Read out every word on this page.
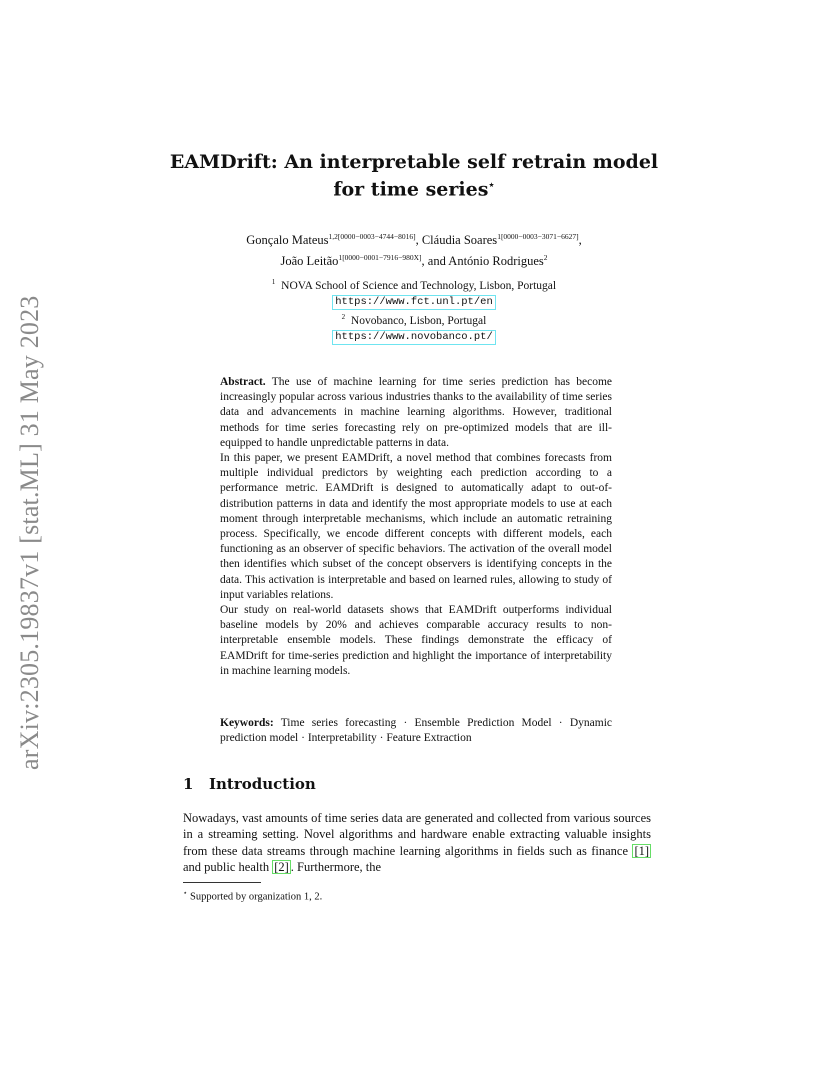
arXiv:2305.19837v1 [stat.ML] 31 May 2023
EAMDrift: An interpretable self retrain model
for time series⋆
Gonçalo Mateus$^{1,2[0000-0003-4744-8016]}$, Cláudia Soares$^{1[0000-0003-3071-6627]}$,
João Leitão$^{1[0000-0001-7916-980X]}$, and António Rodrigues$^2$
$^1$ NOVA School of Science and Technology, Lisbon, Portugal
https://www.fct.unl.pt/en
$^2$ Novobanco, Lisbon, Portugal
https://www.novobanco.pt/

Abstract. The use of machine learning for time series prediction has become increasingly popular across various industries thanks to the availability of time series data and advancements in machine learning algorithms. However, traditional methods for time series forecasting rely on pre-optimized models that are ill-equipped to handle unpredictable patterns in data.

In this paper, we present EAMDrift, a novel method that combines forecasts from multiple individual predictors by weighting each prediction according to a performance metric. EAMDrift is designed to automatically adapt to out-of-distribution patterns in data and identify the most appropriate models to use at each moment through interpretable mechanisms, which include an automatic retraining process. Specifically, we encode different concepts with different models, each functioning as an observer of specific behaviors. The activation of the overall model then identifies which subset of the concept observers is identifying concepts in the data. This activation is interpretable and based on learned rules, allowing to study of input variables relations.

Our study on real-world datasets shows that EAMDrift outperforms individual baseline models by 20% and achieves comparable accuracy results to non-interpretable ensemble models. These findings demonstrate the efficacy of EAMDrift for time-series prediction and highlight the importance of interpretability in machine learning models.

Keywords: Time series forecasting · Ensemble Prediction Model · Dynamic prediction model · Interpretability · Feature Extraction
1 Introduction
Nowadays, vast amounts of time series data are generated and collected from various sources in a streaming setting. Novel algorithms and hardware enable extracting valuable insights from these data streams through machine learning algorithms in fields such as finance [1] and public health [2] . Furthermore, the
⋆ Supported by organization 1, 2.
